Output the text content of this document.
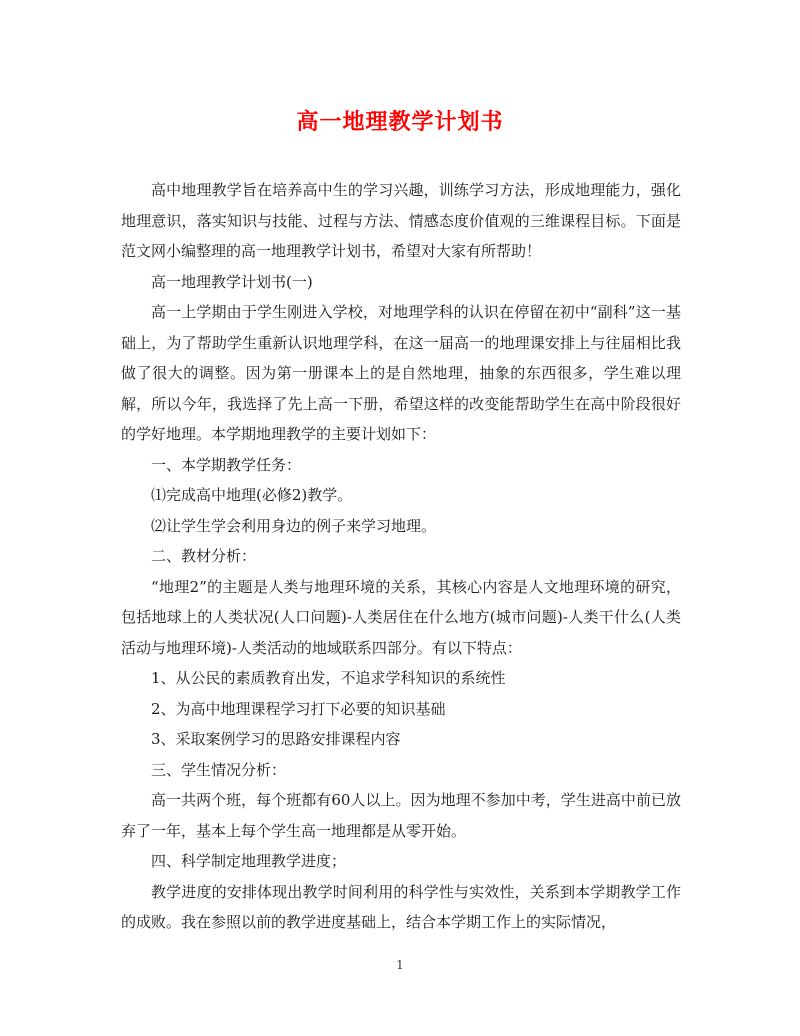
高一地理教学计划书

高中地理教学旨在培养高中生的学习兴趣，训练学习方法，形成地理能力，强化地理意识，落实知识与技能、过程与方法、情感态度价值观的三维课程目标。下面是范文网小编整理的高一地理教学计划书，希望对大家有所帮助！

高一地理教学计划书(一)

高一上学期由于学生刚进入学校，对地理学科的认识在停留在初中“副科”这一基础上，为了帮助学生重新认识地理学科，在这一届高一的地理课安排上与往届相比我做了很大的调整。因为第一册课本上的是自然地理，抽象的东西很多，学生难以理解，所以今年，我选择了先上高一下册，希望这样的改变能帮助学生在高中阶段很好的学好地理。本学期地理教学的主要计划如下：

一、本学期教学任务：

⑴完成高中地理(必修2)教学。

⑵让学生学会利用身边的例子来学习地理。

二、教材分析：

“地理2”的主题是人类与地理环境的关系，其核心内容是人文地理环境的研究，包括地球上的人类状况(人口问题)-人类居住在什么地方(城市问题)-人类干什么(人类活动与地理环境)-人类活动的地域联系四部分。有以下特点：

1、从公民的素质教育出发，不追求学科知识的系统性

2、为高中地理课程学习打下必要的知识基础

3、采取案例学习的思路安排课程内容

三、学生情况分析：

高一共两个班，每个班都有60人以上。因为地理不参加中考，学生进高中前已放弃了一年，基本上每个学生高一地理都是从零开始。

四、科学制定地理教学进度；

教学进度的安排体现出教学时间利用的科学性与实效性，关系到本学期教学工作的成败。我在参照以前的教学进度基础上，结合本学期工作上的实际情况，

1
